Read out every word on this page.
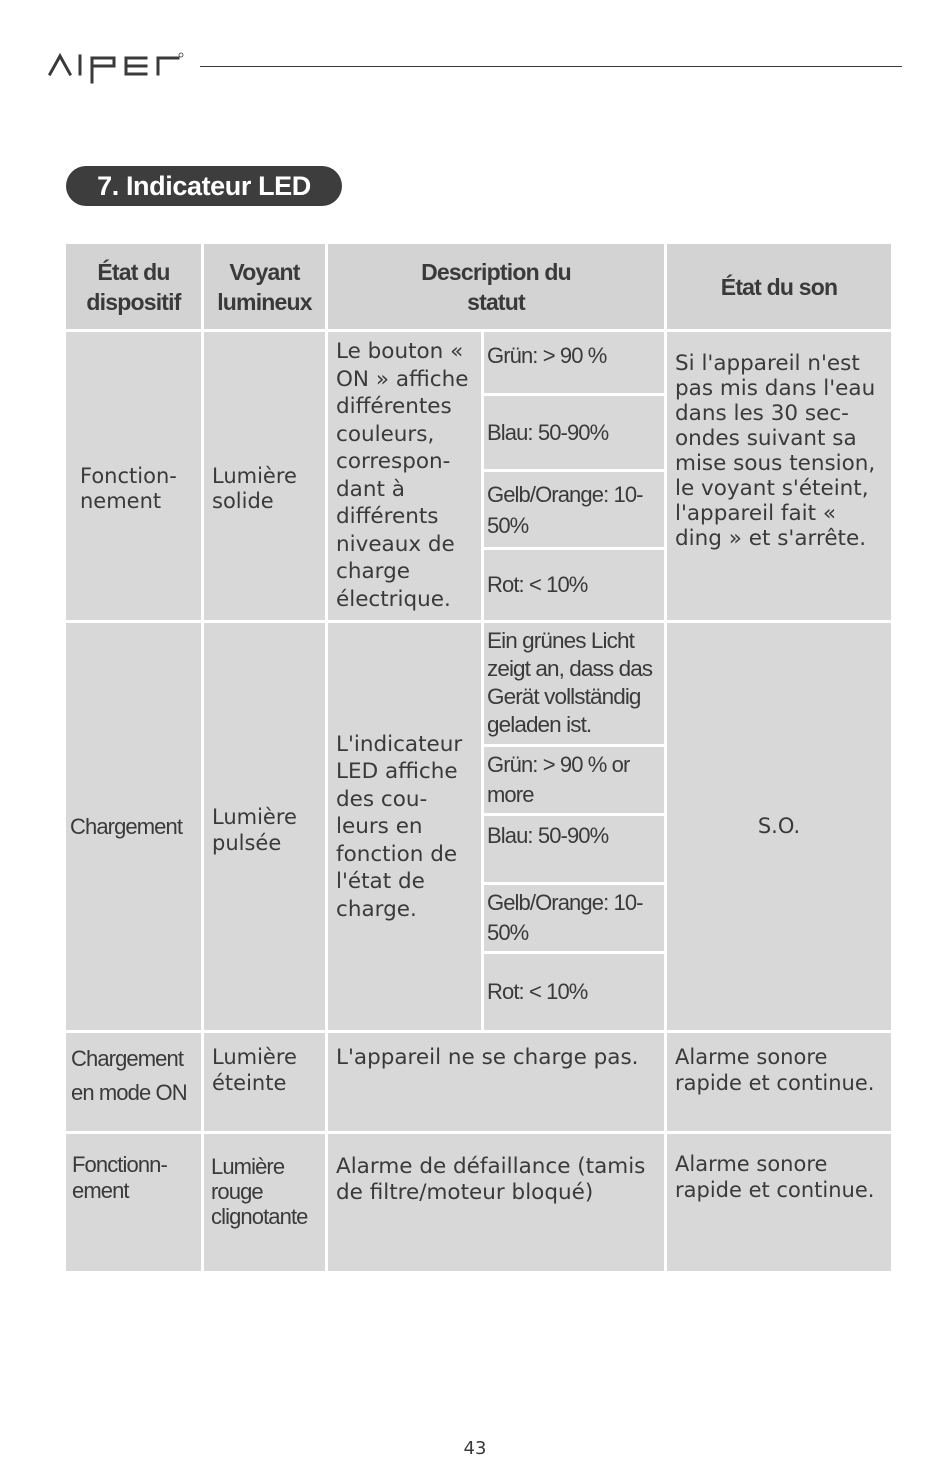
7. Indicateur LED
État du dispositif
Voyant lumineux
Description du statut
État du son
Fonction-nement
Lumière solide
Le bouton « ON » affiche différentes couleurs, correspon-dant à différents niveaux de charge électrique.
Grün: > 90 %
Blau: 50-90%
Gelb/Orange: 10-50%
Rot: < 10%
Si l'appareil n'est pas mis dans l'eau dans les 30 sec-ondes suivant sa mise sous tension, le voyant s'éteint, l'appareil fait « ding » et s'arrête.
Chargement	Lumière pulsée
L'indicateur LED affiche des cou-leurs en fonction de l'état de charge.
Ein grünes Licht zeigt an, dass das Gerät vollständig geladen ist.
Grün: > 90 % or more
Blau: 50-90%
Gelb/Orange: 10-50%
Rot: < 10%
S.O.
Chargement en mode ON
Lumière éteinte
L'appareil ne se charge pas.	Alarme sonore rapide et continue.
Fonctionn-ement
Lumière rouge clignotante
Alarme de défaillance (tamis de filtre/moteur bloqué)
Alarme sonore rapide et continue.
43
